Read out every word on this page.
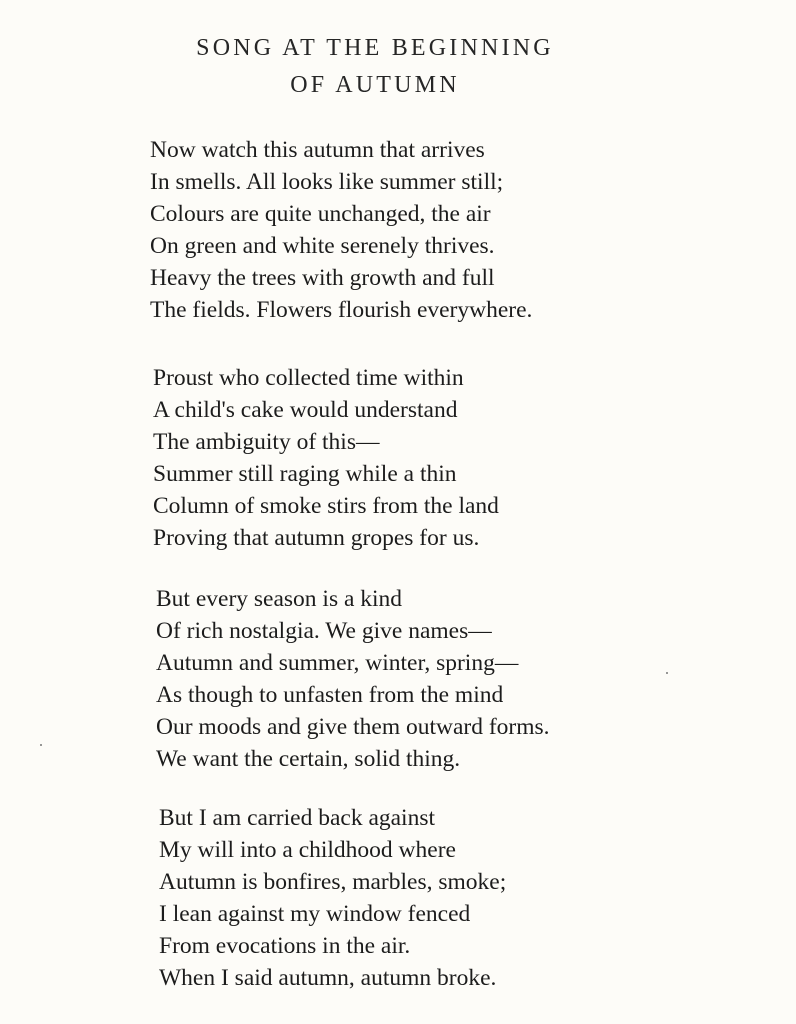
SONG AT THE BEGINNING
OF AUTUMN
Now watch this autumn that arrives
In smells. All looks like summer still;
Colours are quite unchanged, the air
On green and white serenely thrives.
Heavy the trees with growth and full
The fields. Flowers flourish everywhere.
Proust who collected time within
A child's cake would understand
The ambiguity of this—
Summer still raging while a thin
Column of smoke stirs from the land
Proving that autumn gropes for us.
But every season is a kind
Of rich nostalgia. We give names—
Autumn and summer, winter, spring—
As though to unfasten from the mind
Our moods and give them outward forms.
We want the certain, solid thing.
But I am carried back against
My will into a childhood where
Autumn is bonfires, marbles, smoke;
I lean against my window fenced
From evocations in the air.
When I said autumn, autumn broke.
